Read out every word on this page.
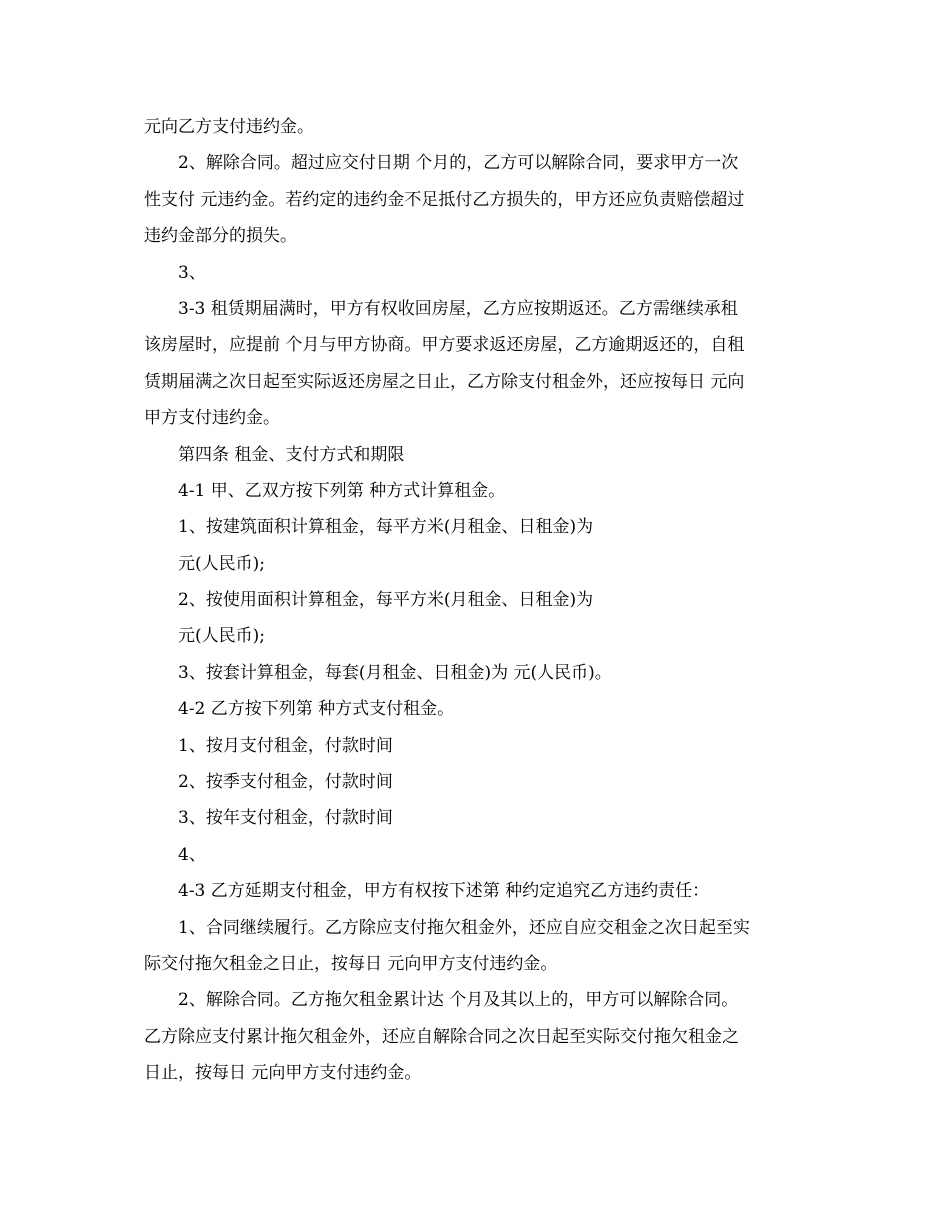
元向乙方支付违约金。
2、解除合同。超过应交付日期 个月的，乙方可以解除合同，要求甲方一次
性支付 元违约金。若约定的违约金不足抵付乙方损失的，甲方还应负责赔偿超过
违约金部分的损失。
3、
3-3 租赁期届满时，甲方有权收回房屋，乙方应按期返还。乙方需继续承租
该房屋时，应提前 个月与甲方协商。甲方要求返还房屋，乙方逾期返还的，自租
赁期届满之次日起至实际返还房屋之日止，乙方除支付租金外，还应按每日 元向
甲方支付违约金。
第四条 租金、支付方式和期限
4-1 甲、乙双方按下列第 种方式计算租金。
1、按建筑面积计算租金，每平方米(月租金、日租金)为
元(人民币);
2、按使用面积计算租金，每平方米(月租金、日租金)为
元(人民币);
3、按套计算租金，每套(月租金、日租金)为 元(人民币)。
4-2 乙方按下列第 种方式支付租金。
1、按月支付租金，付款时间
2、按季支付租金，付款时间
3、按年支付租金，付款时间
4、
4-3 乙方延期支付租金，甲方有权按下述第 种约定追究乙方违约责任：
1、合同继续履行。乙方除应支付拖欠租金外，还应自应交租金之次日起至实
际交付拖欠租金之日止，按每日 元向甲方支付违约金。
2、解除合同。乙方拖欠租金累计达 个月及其以上的，甲方可以解除合同。
乙方除应支付累计拖欠租金外，还应自解除合同之次日起至实际交付拖欠租金之
日止，按每日 元向甲方支付违约金。
